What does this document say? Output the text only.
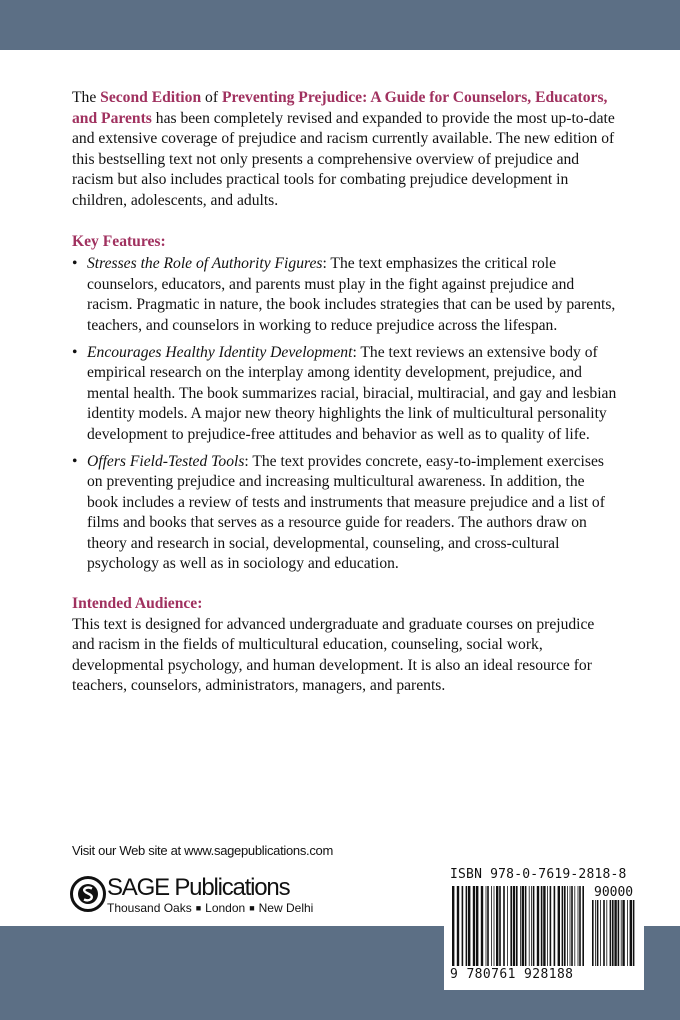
The Second Edition of Preventing Prejudice: A Guide for Counselors, Educators, and Parents has been completely revised and expanded to provide the most up-to-date and extensive coverage of prejudice and racism currently available. The new edition of this bestselling text not only presents a comprehensive overview of prejudice and racism but also includes practical tools for combating prejudice development in children, adolescents, and adults.

Key Features:
• Stresses the Role of Authority Figures: The text emphasizes the critical role counselors, educators, and parents must play in the fight against prejudice and racism. Pragmatic in nature, the book includes strategies that can be used by parents, teachers, and counselors in working to reduce prejudice across the lifespan.
• Encourages Healthy Identity Development: The text reviews an extensive body of empirical research on the interplay among identity development, prejudice, and mental health. The book summarizes racial, biracial, multiracial, and gay and lesbian identity models. A major new theory highlights the link of multicultural personality development to prejudice-free attitudes and behavior as well as to quality of life.
• Offers Field-Tested Tools: The text provides concrete, easy-to-implement exercises on preventing prejudice and increasing multicultural awareness. In addition, the book includes a review of tests and instruments that measure prejudice and a list of films and books that serves as a resource guide for readers. The authors draw on theory and research in social, developmental, counseling, and cross-cultural psychology as well as in sociology and education.
Intended Audience:

This text is designed for advanced undergraduate and graduate courses on prejudice and racism in the fields of multicultural education, counseling, social work, developmental psychology, and human development. It is also an ideal resource for teachers, counselors, administrators, managers, and parents.

Visit our Web site at www.sagepublications.com
SAGE Publications
Thousand Oaks ■ London ■ New Delhi
ISBN 978-0-7619-2818-8
90000
9 780761 928188
